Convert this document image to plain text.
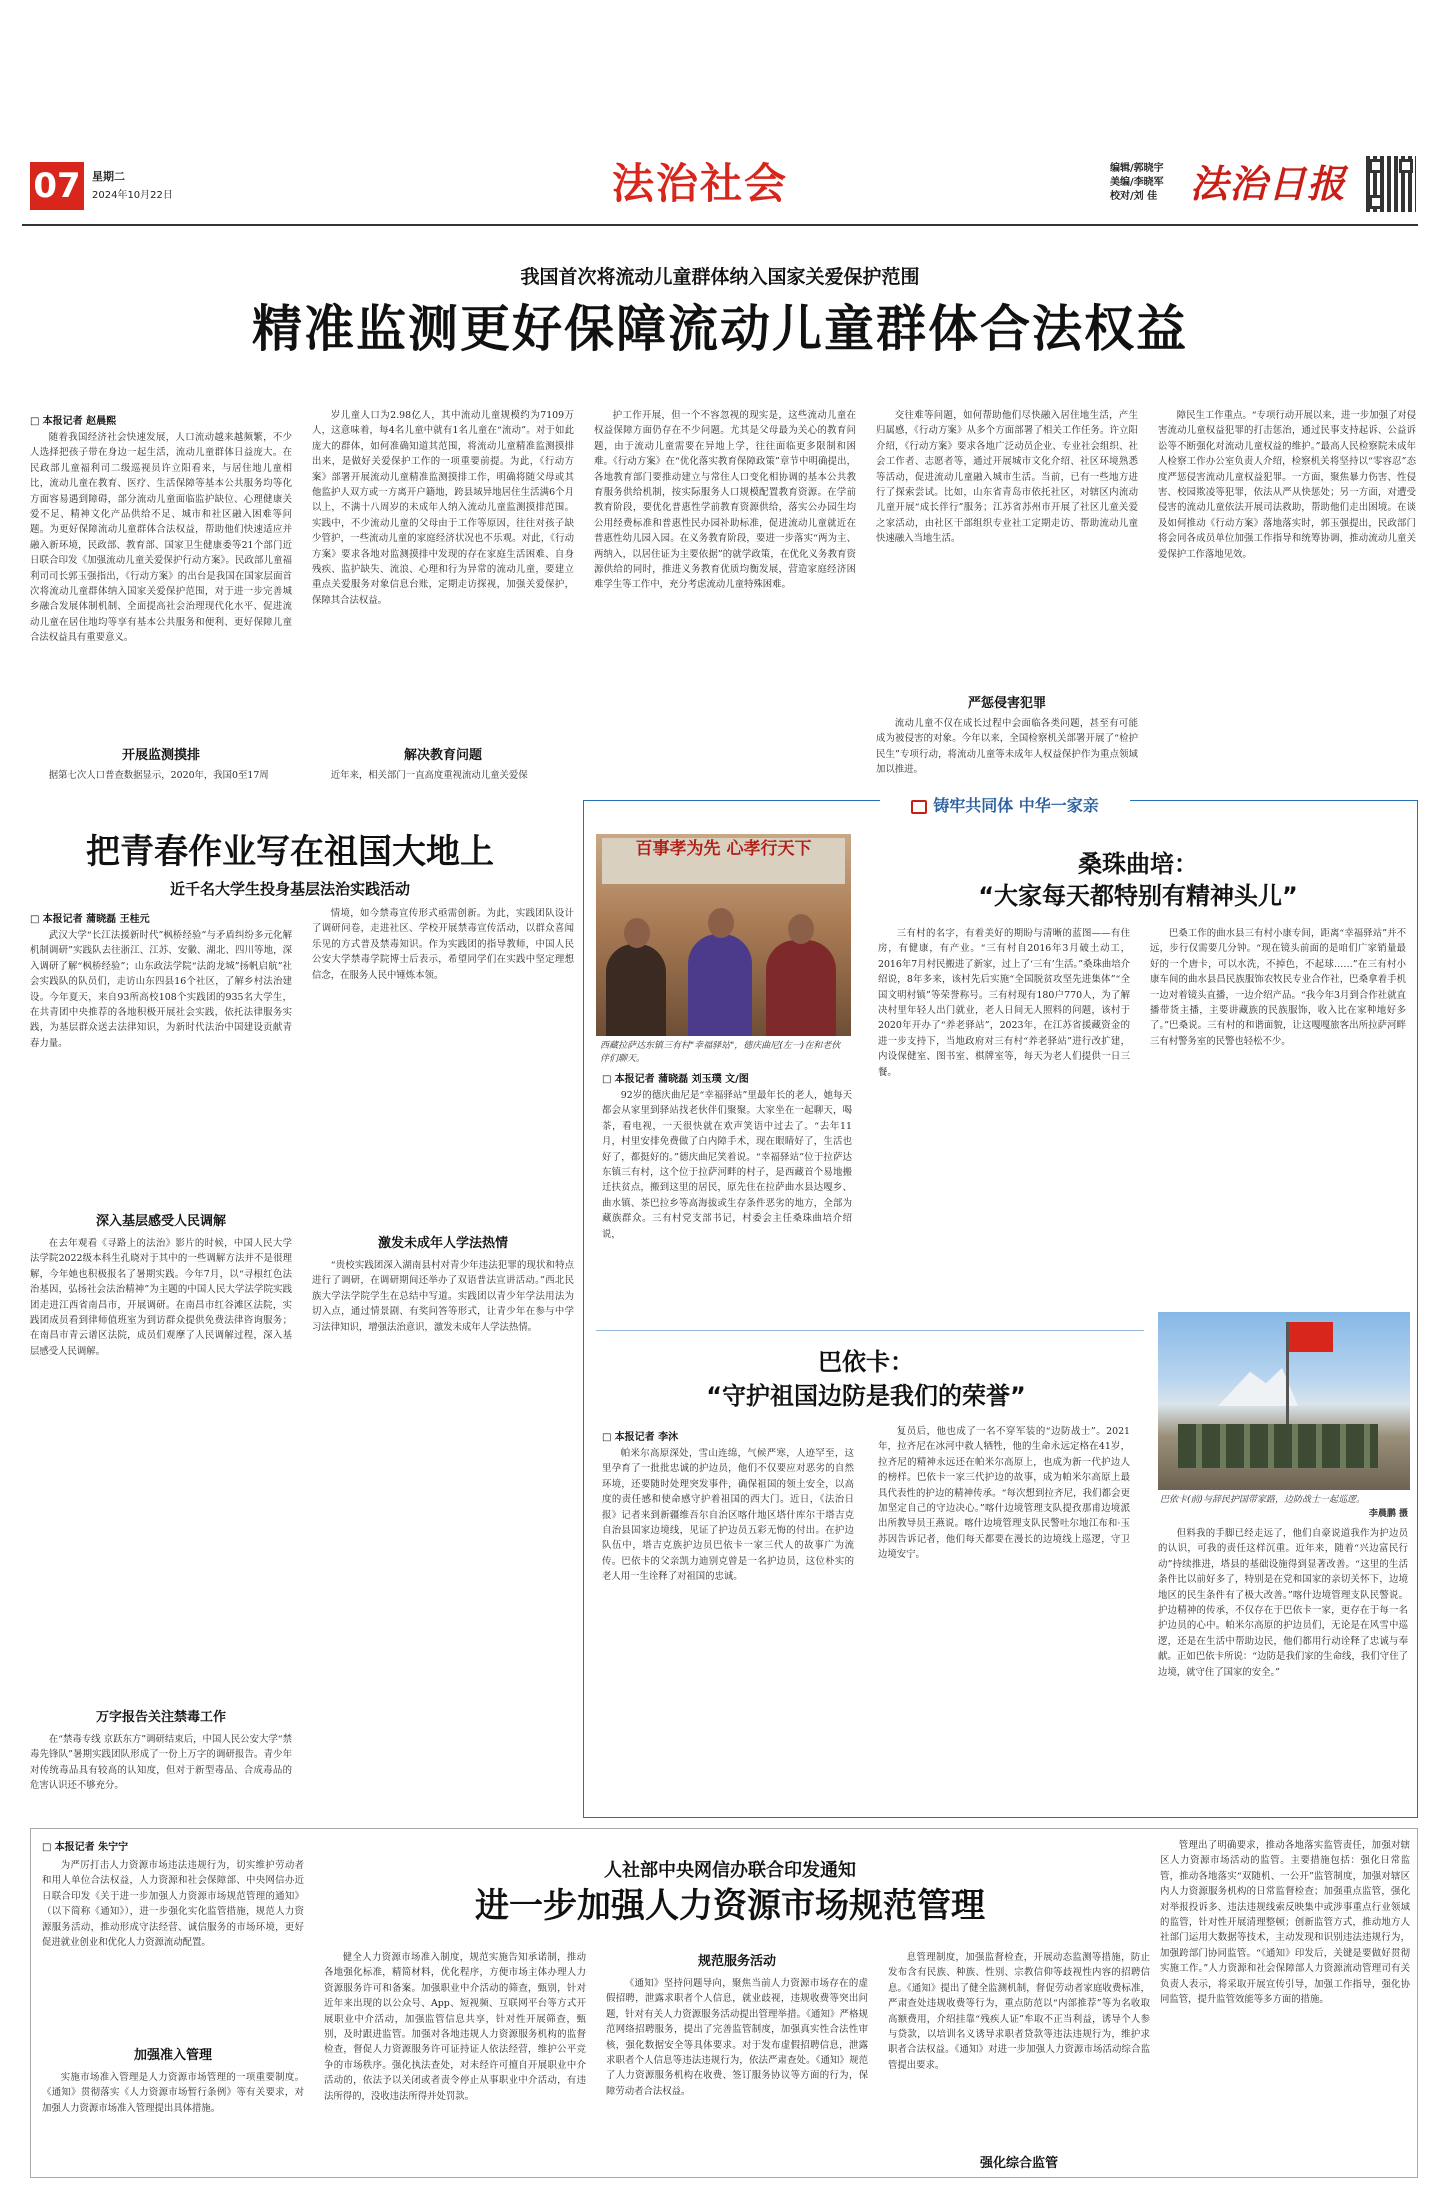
07	星期二
2024年10月22日	法治社会	编辑/郭晓宇
美编/李晓军
校对/刘 佳 法治日报
我国首次将流动儿童群体纳入国家关爱保护范围
精准监测更好保障流动儿童群体合法权益
□ 本报记者 赵晨熙

随着我国经济社会快速发展，人口流动越来越频繁，不少人选择把孩子带在身边一起生活，流动儿童群体日益庞大。在民政部儿童福利司二级巡视员许立阳看来，与居住地儿童相比，流动儿童在教育、医疗、生活保障等基本公共服务均等化方面容易遇到障碍，部分流动儿童面临监护缺位、心理健康关爱不足、精神文化产品供给不足、城市和社区融入困难等问题。为更好保障流动儿童群体合法权益，帮助他们快速适应并融入新环境，民政部、教育部、国家卫生健康委等21个部门近日联合印发《加强流动儿童关爱保护行动方案》。民政部儿童福利司司长郭玉强指出，《行动方案》的出台是我国在国家层面首次将流动儿童群体纳入国家关爱保护范围，对于进一步完善城乡融合发展体制机制、全面提高社会治理现代化水平、促进流动儿童在居住地均等享有基本公共服务和便利、更好保障儿童合法权益具有重要意义。

开展监测摸排

据第七次人口普查数据显示，2020年，我国0至17周

岁儿童人口为2.98亿人，其中流动儿童规模约为7109万人，这意味着，每4名儿童中就有1名儿童在“流动”。对于如此庞大的群体，如何准确知道其范围，将流动儿童精准监测摸排出来，是做好关爱保护工作的一项重要前提。为此，《行动方案》部署开展流动儿童精准监测摸排工作，明确将随父母或其他监护人双方或一方离开户籍地，跨县域异地居住生活满6个月以上，不满十八周岁的未成年人纳入流动儿童监测摸排范围。实践中，不少流动儿童的父母由于工作等原因，往往对孩子缺少管护，一些流动儿童的家庭经济状况也不乐观。对此，《行动方案》要求各地对监测摸排中发现的存在家庭生活困难、自身残疾、监护缺失、流浪、心理和行为异常的流动儿童，要建立重点关爱服务对象信息台账，定期走访探视，加强关爱保护，保障其合法权益。

解决教育问题

近年来，相关部门一直高度重视流动儿童关爱保

护工作开展，但一个不容忽视的现实是，这些流动儿童在权益保障方面仍存在不少问题。尤其是父母最为关心的教育问题，由于流动儿童需要在异地上学，往往面临更多限制和困难。《行动方案》在“优化落实教育保障政策”章节中明确提出，各地教育部门要推动建立与常住人口变化相协调的基本公共教育服务供给机制，按实际服务人口规模配置教育资源。在学前教育阶段，要优化普惠性学前教育资源供给，落实公办园生均公用经费标准和普惠性民办园补助标准，促进流动儿童就近在普惠性幼儿园入园。在义务教育阶段，要进一步落实“两为主、两纳入，以居住证为主要依据”的就学政策，在优化义务教育资源供给的同时，推进义务教育优质均衡发展，营造家庭经济困难学生等工作中，充分考虑流动儿童特殊困难。

交往难等问题，如何帮助他们尽快融入居住地生活，产生归属感，《行动方案》从多个方面部署了相关工作任务。许立阳介绍，《行动方案》要求各地广泛动员企业、专业社会组织、社会工作者、志愿者等，通过开展城市文化介绍、社区环境熟悉等活动，促进流动儿童融入城市生活。当前，已有一些地方进行了探索尝试。比如，山东省青岛市依托社区，对辖区内流动儿童开展“成长伴行”服务；江苏省苏州市开展了社区儿童关爱之家活动，由社区干部组织专业社工定期走访、帮助流动儿童快速融入当地生活。

严惩侵害犯罪

流动儿童不仅在成长过程中会面临各类问题，甚至有可能成为被侵害的对象。今年以来，全国检察机关部署开展了“检护民生”专项行动，将流动儿童等未成年人权益保护作为重点领域加以推进。

障民生工作重点。“专项行动开展以来，进一步加强了对侵害流动儿童权益犯罪的打击惩治，通过民事支持起诉、公益诉讼等不断强化对流动儿童权益的维护。”最高人民检察院未成年人检察工作办公室负责人介绍，检察机关将坚持以“零容忍”态度严惩侵害流动儿童权益犯罪。一方面，聚焦暴力伤害、性侵害、校园欺凌等犯罪，依法从严从快惩处；另一方面，对遭受侵害的流动儿童依法开展司法救助，帮助他们走出困境。在谈及如何推动《行动方案》落地落实时，郭玉强提出，民政部门将会同各成员单位加强工作指导和统筹协调，推动流动儿童关爱保护工作落地见效。

把青春作业写在祖国大地上
近千名大学生投身基层法治实践活动
□ 本报记者 蒲晓磊 王桂元

武汉大学“长江法援新时代”枫桥经验”与矛盾纠纷多元化解机制调研”实践队去往浙江、江苏、安徽、湖北、四川等地，深入调研了解“枫桥经验”；山东政法学院“法韵龙城”扬帆启航”社会实践队的队员们，走访山东四县16个社区，了解乡村法治建设。今年夏天，来自93所高校108个实践团的935名大学生，在共青团中央推荐的各地积极开展社会实践，依托法律服务实践，为基层群众送去法律知识，为新时代法治中国建设贡献青春力量。

深入基层感受人民调解

在去年观看《寻路上的法治》影片的时候，中国人民大学法学院2022级本科生孔晓对于其中的一些调解方法并不是很理解，今年她也积极报名了暑期实践。今年7月，以“寻根红色法治基因，弘扬社会法治精神”为主题的中国人民大学法学院实践团走进江西省南昌市，开展调研。在南昌市红谷滩区法院，实践团成员看到律师值班室为到访群众提供免费法律咨询服务；在南昌市青云谱区法院，成员们观摩了人民调解过程，深入基层感受人民调解。

万字报告关注禁毒工作

在“禁毒专线 京跃东方”调研结束后，中国人民公安大学“禁毒先锋队”暑期实践团队形成了一份上万字的调研报告。青少年对传统毒品具有较高的认知度，但对于新型毒品、合成毒品的危害认识还不够充分。

情境，如今禁毒宣传形式亟需创新。为此，实践团队设计了调研问卷，走进社区、学校开展禁毒宣传活动，以群众喜闻乐见的方式普及禁毒知识。作为实践团的指导教师，中国人民公安大学禁毒学院博士后表示，希望同学们在实践中坚定理想信念，在服务人民中锤炼本领。

激发未成年人学法热情

“贵校实践团深入湖南县村对青少年违法犯罪的现状和特点进行了调研，在调研期间还举办了双语普法宣讲活动。”西北民族大学法学院学生在总结中写道。实践团以青少年学法用法为切入点，通过情景剧、有奖问答等形式，让青少年在参与中学习法律知识，增强法治意识，激发未成年人学法热情。

铸牢共同体 中华一家亲
百事孝为先 心孝行天下
西藏拉萨达东镇三有村"幸福驿站"，德庆曲尼(左一)在和老伙伴们聊天。
桑珠曲培：
“大家每天都特别有精神头儿”
□ 本报记者 蒲晓磊 刘玉璞 文/图

92岁的德庆曲尼是“幸福驿站”里最年长的老人，她每天都会从家里到驿站找老伙伴们聚聚。大家坐在一起聊天，喝茶，看电视，一天很快就在欢声笑语中过去了。“去年11月，村里安排免费做了白内障手术，现在眼睛好了，生活也好了，都挺好的。”德庆曲尼笑着说。“幸福驿站”位于拉萨达东镇三有村，这个位于拉萨河畔的村子，是西藏首个易地搬迁扶贫点，搬到这里的居民，原先住在拉萨曲水县达嘎乡、曲水镇、茶巴拉乡等高海拔或生存条件恶劣的地方，全部为藏族群众。三有村党支部书记，村委会主任桑珠曲培介绍说，

三有村的名字，有着美好的期盼与清晰的蓝图——有住房，有健康，有产业。“三有村自2016年3月破土动工，2016年7月村民搬进了新家，过上了‘三有’生活。”桑珠曲培介绍说，8年多来，该村先后实施“全国脱贫攻坚先进集体”“全国文明村镇”等荣誉称号。三有村现有180户770人，为了解决村里年轻人出门就业，老人日间无人照料的问题，该村于2020年开办了“养老驿站”，2023年，在江苏省援藏资金的进一步支持下，当地政府对三有村“养老驿站”进行改扩建，内设保健室、图书室、棋牌室等，每天为老人们提供一日三餐。

巴桑工作的曲水县三有村小康专间，距离“幸福驿站”并不远，步行仅需要几分钟。“现在镜头前面的是咱们广家销量最好的一个唐卡，可以水洗，不掉色，不起球……”在三有村小康车间的曲水县昌民族服饰农牧民专业合作社，巴桑拿着手机一边对着镜头直播，一边介绍产品。“我今年3月到合作社就直播带货主播，主要讲藏族的民族服饰，收入比在家种地好多了。”巴桑说。三有村的和谐面貌，让这嘎嘎旅客出所拉萨河畔三有村警务室的民警也轻松不少。

巴依卡(前)与辞民护国带家路，边防战士一起巡逻。
李晨鹏 摄
巴依卡：
“守护祖国边防是我们的荣誉”
□ 本报记者 李沐

帕米尔高原深处，雪山连绵，气候严寒，人迹罕至，这里孕育了一批批忠诚的护边员，他们不仅要应对恶劣的自然环境，还要随时处理突发事件，确保祖国的领土安全，以高度的责任感和使命感守护着祖国的西大门。近日，《法治日报》记者来到新疆维吾尔自治区喀什地区塔什库尔干塔吉克自治县国家边境线，见证了护边员五彩无悔的付出。在护边队伍中，塔吉克族护边员巴依卡一家三代人的故事广为流传。巴依卡的父亲凯力迪别克曾是一名护边员，这位朴实的老人用一生诠释了对祖国的忠诚。

复员后，他也成了一名不穿军装的“边防战士”。2021年，拉齐尼在冰河中救人牺牲，他的生命永远定格在41岁，拉齐尼的精神永远还在帕米尔高原上，也成为新一代护边人的榜样。巴依卡一家三代护边的故事，成为帕米尔高原上最具代表性的护边的精神传承。“每次想到拉齐尼，我们都会更加坚定自己的守边决心。”喀什边境管理支队提孜那甫边境派出所教导员王燕说。喀什边境管理支队民警吐尔地江布和·玉苏因告诉记者，他们每天都要在漫长的边境线上巡逻，守卫边境安宁。

但料我的手脚已经走远了，他们自豪说道我作为护边员的认识，可我的责任这样沉重。近年来，随着“兴边富民行动”持续推进，塔县的基础设施得到显著改善。“这里的生活条件比以前好多了，特别是在党和国家的亲切关怀下，边境地区的民生条件有了极大改善。”喀什边境管理支队民警说。护边精神的传承，不仅存在于巴依卡一家，更存在于每一名护边员的心中。帕米尔高原的护边员们，无论是在风雪中巡逻，还是在生活中帮助边民，他们都用行动诠释了忠诚与奉献。正如巴依卡所说：“边防是我们家的生命线，我们守住了边境，就守住了国家的安全。”

□ 本报记者 朱宁宁

为严厉打击人力资源市场违法违规行为，切实维护劳动者和用人单位合法权益，人力资源和社会保障部、中央网信办近日联合印发《关于进一步加强人力资源市场规范管理的通知》（以下简称《通知》），进一步强化实化监管措施，规范人力资源服务活动，推动形成守法经营、诚信服务的市场环境，更好促进就业创业和优化人力资源流动配置。

加强准入管理

实施市场准入管理是人力资源市场管理的一项重要制度。《通知》贯彻落实《人力资源市场暂行条例》等有关要求，对加强人力资源市场准入管理提出具体措施。

人社部中央网信办联合印发通知
进一步加强人力资源市场规范管理

健全人力资源市场准入制度，规范实施告知承诺制，推动各地强化标准，精简材料，优化程序，方便市场主体办理人力资源服务许可和备案。加强职业中介活动的筛查，甄别，针对近年来出现的以公众号、App、短视频、互联网平台等方式开展职业中介活动，加强监管信息共享，针对性开展筛查，甄别，及时跟进监管。加强对各地违规人力资源服务机构的监督检查，督促人力资源服务许可证持证人依法经营，维护公平竞争的市场秩序。强化执法查处，对未经许可擅自开展职业中介活动的，依法予以关闭或者责令停止从事职业中介活动，有违法所得的，没收违法所得并处罚款。

规范服务活动

《通知》坚持问题导向，聚焦当前人力资源市场存在的虚假招聘，泄露求职者个人信息，就业歧视，违规收费等突出问题，针对有关人力资源服务活动提出管理举措。《通知》严格规范网络招聘服务，提出了完善监管制度，加强真实性合法性审核，强化数据安全等具体要求。对于发布虚假招聘信息，泄露求职者个人信息等违法违规行为，依法严肃查处。《通知》规范了人力资源服务机构在收费、签订服务协议等方面的行为，保障劳动者合法权益。

息管理制度，加强监督检查，开展动态监测等措施，防止发布含有民族、种族、性别、宗教信仰等歧视性内容的招聘信息。《通知》提出了健全监测机制，督促劳动者家庭收费标准，严肃查处违规收费等行为，重点防范以“内部推荐”等为名收取高额费用，介绍挂靠“残疾人证”牟取不正当利益，诱导个人参与贷款，以培训名义诱导求职者贷款等违法违规行为，维护求职者合法权益。《通知》对进一步加强人力资源市场活动综合监管提出要求。

强化综合监管

管理出了明确要求，推动各地落实监管责任，加强对辖区人力资源市场活动的监管。主要措施包括：强化日常监管，推动各地落实“双随机、一公开”监管制度，加强对辖区内人力资源服务机构的日常监督检查；加强重点监管，强化对举报投诉多、违法违规线索反映集中或涉事重点行业领域的监管，针对性开展清理整顿；创新监管方式，推动地方人社部门运用大数据等技术，主动发现和识别违法违规行为，加强跨部门协同监管。“《通知》印发后，关键是要做好贯彻实施工作。”人力资源和社会保障部人力资源流动管理司有关负责人表示，将采取开展宣传引导，加强工作指导，强化协同监管，提升监管效能等多方面的措施。
